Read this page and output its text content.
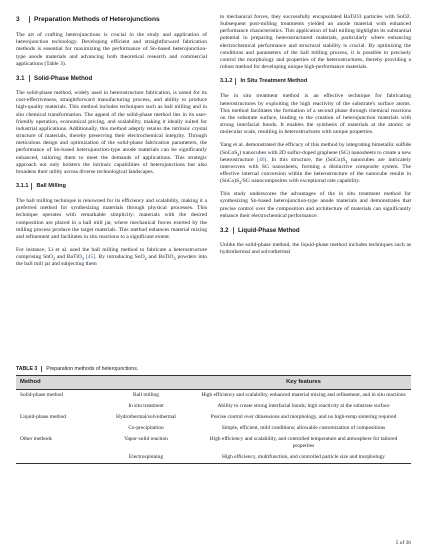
3 Preparation Methods of Heterojunctions

The art of crafting heterojunctions is crucial in the study and application of heterojunction technology. Developing efficient and straightforward fabrication methods is essential for maximizing the performance of Sn-based heterojunction-type anode materials and advancing both theoretical research and commercial applications (Table 3).

3.1 Solid-Phase Method

The solid-phase method, widely used in heterostructure fabrication, is noted for its cost-effectiveness, straightforward manufacturing process, and ability to produce high-quality materials. This method includes techniques such as ball milling and in situ chemical transformation. The appeal of the solid-phase method lies in its user-friendly operation, economical pricing, and scalability, making it ideally suited for industrial applications. Additionally, this method adeptly retains the intrinsic crystal structure of materials, thereby preserving their electrochemical integrity. Through meticulous design and optimization of the solid-phase fabrication parameters, the performance of Sn-based heterojunction-type anode materials can be significantly enhanced, tailoring them to meet the demands of applications. This strategic approach not only bolsters the intrinsic capabilities of heterojunctions but also broadens their utility across diverse technological landscapes.

3.1.1 Ball Milling

The ball milling technique is renowned for its efficiency and scalability, making it a preferred method for synthesizing materials through physical processes. This technique operates with remarkable simplicity: materials with the desired composition are placed in a ball mill jar, where mechanical forces exerted by the milling process produce the target materials. This method enhances material mixing and refinement and facilitates in situ reactions to a significant extent.

For instance, Li et al. used the ball milling method to fabricate a heterostructure comprising SnO$_2$ and BaTiO$_3$ [45]. By introducing SnO$_2$ and BaTiO$_3$ powders into the ball mill jar and subjecting them

to mechanical forces, they successfully encapsulated BaTiO3 particles with SnO2. Subsequent post-milling treatments yielded an anode material with enhanced performance characteristics. This application of ball milling highlights its substantial potential in preparing heterostructured materials, particularly where enhancing electrochemical performance and structural stability is crucial. By optimizing the conditions and parameters of the ball milling process, it is possible to precisely control the morphology and properties of the heterostructures, thereby providing a robust method for developing unique high-performance materials.

3.1.2 In Situ Treatment Method

The in situ treatment method is an effective technique for fabricating heterostructures by exploiting the high reactivity of the substrate's surface atoms. This method facilitates the formation of a second phase through chemical reactions on the substrate surface, leading to the creation of heterojunction materials with strong interfacial bonds. It enables the synthesis of materials at the atomic or molecular scale, resulting in heterostructures with unique properties.

Yang et al. demonstrated the efficacy of this method by integrating bimetallic sulfide (SnCoS$_4$) nanocubes with 2D sulfur-doped graphene (SG) nanosheets to create a new heterostructure [46]. In this structure, the $(SnCo)S_2$ nanocubes are intricately interwoven with SG nanosheets, forming a distinctive composite system. The effective internal conversion within the heterostructure of the nanocube results in $(SnCo)S_2/SG$ nanocomposites with exceptional rate capability.

This study underscores the advantages of the in situ treatment method for synthesizing Sn-based heterojunction-type anode materials and demonstrates that precise control over the composition and architecture of materials can significantly enhance their electrochemical performance.

3.2 Liquid-Phase Method

Unlike the solid-phase method, the liquid-phase method includes techniques such as hydrothermal and solvothermal

TABLE 3 Preparation methods of heterojunctions.
Method		Key features
Solid-phase method	Ball milling	High efficiency and scalability, enhanced material mixing and refinement, and in situ reactions
	In situ treatment	Ability to create strong interfacial bonds; high reactivity at the substrate surface
Liquid-phase method	Hydrothermal/solvothermal	Precise control over dimensions and morphology, and no high-temp sintering required
	Co-precipitation	Simple, efficient, mild conditions; allowable customization of compositions
Other methods	Vapor-solid reaction	High efficiency and scalability, and controlled temperature and atmosphere for tailored properties
	Electrospinning	High efficiency, multifunction, and controlled particle size and morphology
5 of 36
